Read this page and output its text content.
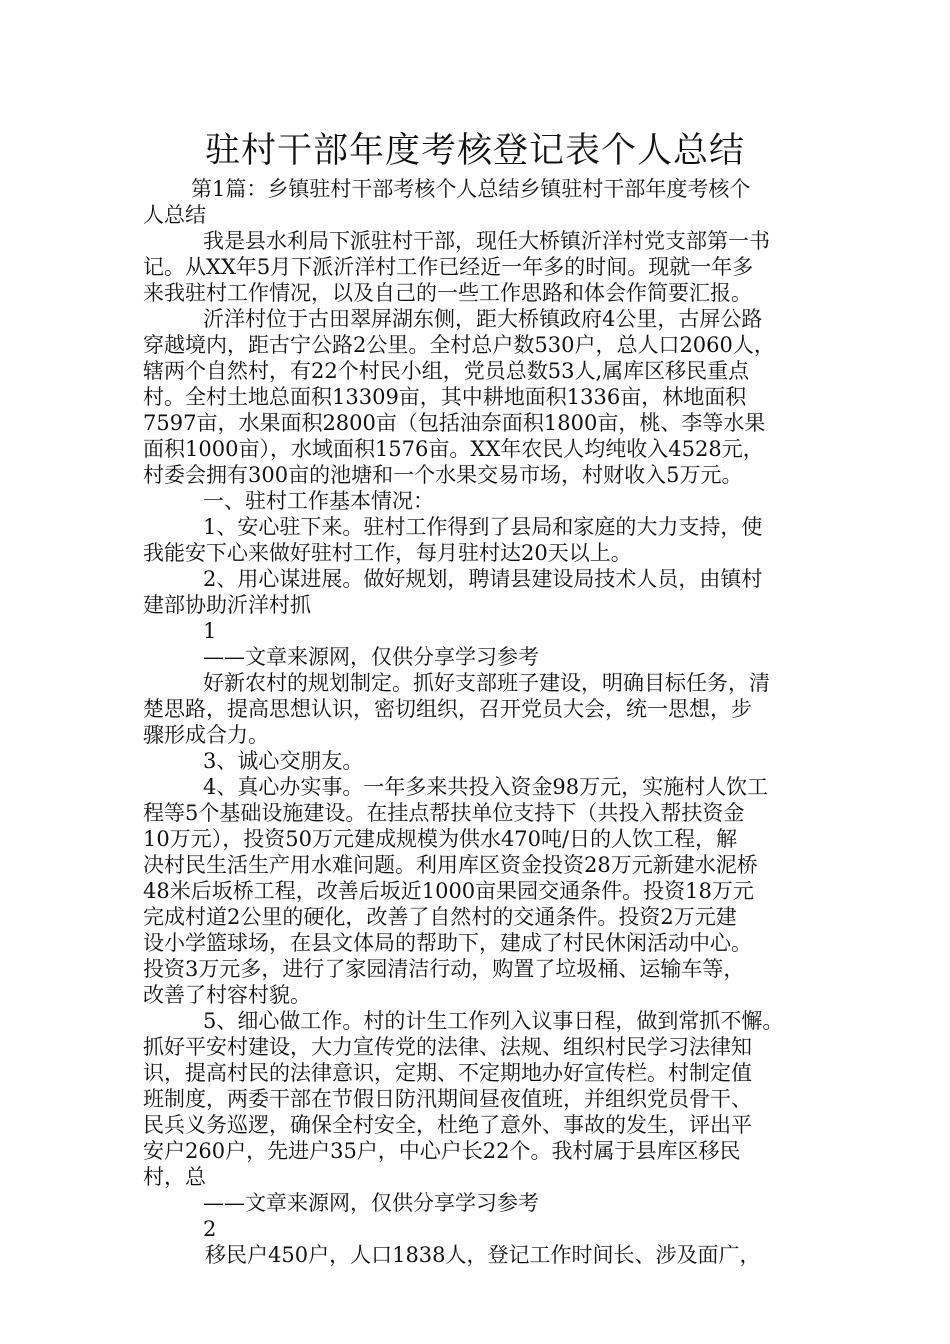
驻村干部年度考核登记表个人总结
第1篇：乡镇驻村干部考核个人总结乡镇驻村干部年度考核个
人总结
我是县水利局下派驻村干部，现任大桥镇沂洋村党支部第一书
记。从XX年5月下派沂洋村工作已经近一年多的时间。现就一年多
来我驻村工作情况，以及自己的一些工作思路和体会作简要汇报。
沂洋村位于古田翠屏湖东侧，距大桥镇政府4公里，古屏公路
穿越境内，距古宁公路2公里。全村总户数530户，总人口2060人，
辖两个自然村，有22个村民小组，党员总数53人,属库区移民重点
村。全村土地总面积13309亩，其中耕地面积1336亩，林地面积
7597亩，水果面积2800亩（包括油奈面积1800亩，桃、李等水果
面积1000亩），水域面积1576亩。XX年农民人均纯收入4528元，
村委会拥有300亩的池塘和一个水果交易市场，村财收入5万元。
一、驻村工作基本情况：
1、安心驻下来。驻村工作得到了县局和家庭的大力支持，使
我能安下心来做好驻村工作，每月驻村达20天以上。
2、用心谋进展。做好规划，聘请县建设局技术人员，由镇村
建部协助沂洋村抓
1
——文章来源网，仅供分享学习参考
好新农村的规划制定。抓好支部班子建设，明确目标任务，清
楚思路，提高思想认识，密切组织，召开党员大会，统一思想，步
骤形成合力。
3、诚心交朋友。
4、真心办实事。一年多来共投入资金98万元，实施村人饮工
程等5个基础设施建设。在挂点帮扶单位支持下（共投入帮扶资金
10万元），投资50万元建成规模为供水470吨/日的人饮工程，解
决村民生活生产用水难问题。利用库区资金投资28万元新建水泥桥
48米后坂桥工程，改善后坂近1000亩果园交通条件。投资18万元
完成村道2公里的硬化，改善了自然村的交通条件。投资2万元建
设小学篮球场，在县文体局的帮助下，建成了村民休闲活动中心。
投资3万元多，进行了家园清洁行动，购置了垃圾桶、运输车等，
改善了村容村貌。
5、细心做工作。村的计生工作列入议事日程，做到常抓不懈。
抓好平安村建设，大力宣传党的法律、法规、组织村民学习法律知
识，提高村民的法律意识，定期、不定期地办好宣传栏。村制定值
班制度，两委干部在节假日防汛期间昼夜值班，并组织党员骨干、
民兵义务巡逻，确保全村安全，杜绝了意外、事故的发生，评出平
安户260户，先进户35户，中心户长22个。我村属于县库区移民
村，总
——文章来源网，仅供分享学习参考
2
移民户450户，人口1838人，登记工作时间长、涉及面广，
